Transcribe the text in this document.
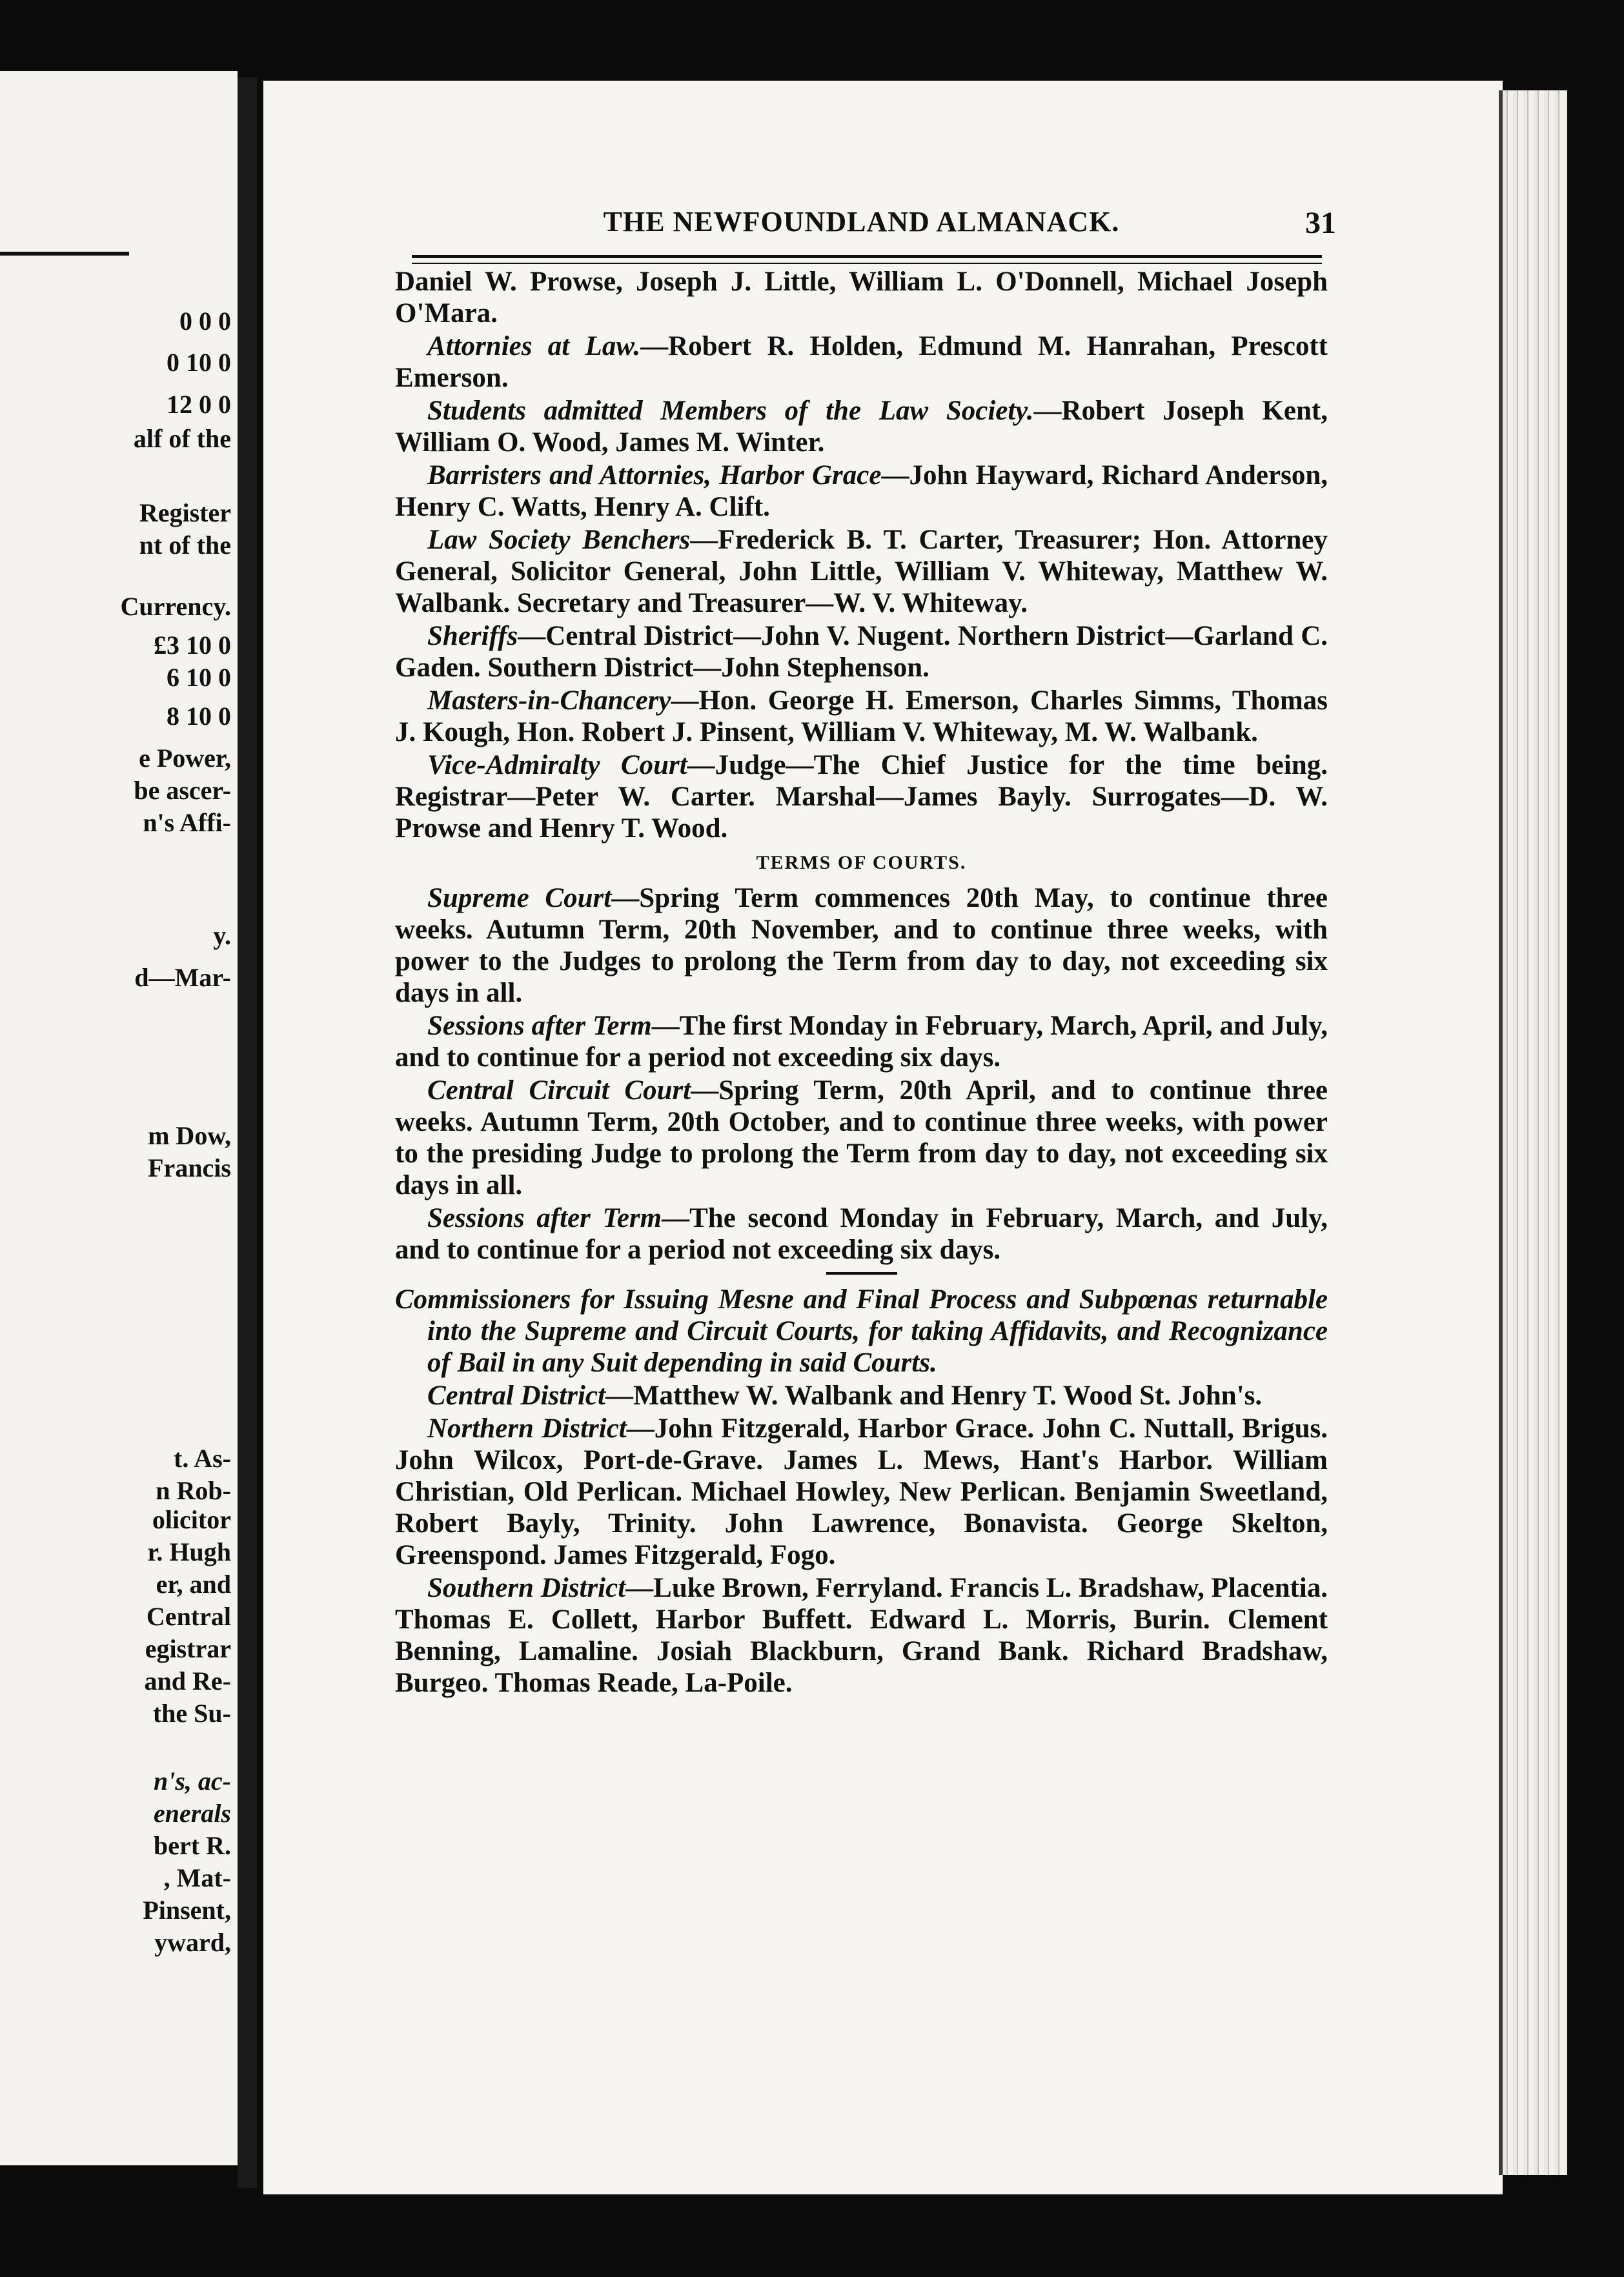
0 0 0
0 10 0
12 0 0
alf of the
Register
nt of the
Currency.
£3 10 0
6 10 0
8 10 0
e Power,
be ascer-
n's Affi-
y.
d—Mar-
m Dow,
Francis
t. As-
n Rob-
olicitor
r. Hugh
er, and
Central
egistrar
and Re-
the Su-
n's, ac-
enerals
bert R.
, Mat-
Pinsent,
yward,
THE NEWFOUNDLAND ALMANACK.	31

Daniel W. Prowse, Joseph J. Little, William L. O'Donnell, Michael Joseph O'Mara.

Attornies at Law.—Robert R. Holden, Edmund M. Hanrahan, Prescott Emerson.

Students admitted Members of the Law Society.—Robert Joseph Kent, William O. Wood, James M. Winter.

Barristers and Attornies, Harbor Grace—John Hayward, Richard Anderson, Henry C. Watts, Henry A. Clift.

Law Society Benchers—Frederick B. T. Carter, Treasurer; Hon. Attorney General, Solicitor General, John Little, William V. Whiteway, Matthew W. Walbank. Secretary and Treasurer—W. V. Whiteway.

Sheriffs—Central District—John V. Nugent. Northern District—Garland C. Gaden. Southern District—John Stephenson.

Masters-in-Chancery—Hon. George H. Emerson, Charles Simms, Thomas J. Kough, Hon. Robert J. Pinsent, William V. Whiteway, M. W. Walbank.

Vice-Admiralty Court—Judge—The Chief Justice for the time being. Registrar—Peter W. Carter. Marshal—James Bayly. Surrogates—D. W. Prowse and Henry T. Wood.

TERMS OF COURTS.

Supreme Court—Spring Term commences 20th May, to continue three weeks. Autumn Term, 20th November, and to continue three weeks, with power to the Judges to prolong the Term from day to day, not exceeding six days in all.

Sessions after Term—The first Monday in February, March, April, and July, and to continue for a period not exceeding six days.

Central Circuit Court—Spring Term, 20th April, and to continue three weeks. Autumn Term, 20th October, and to continue three weeks, with power to the presiding Judge to prolong the Term from day to day, not exceeding six days in all.

Sessions after Term—The second Monday in February, March, and July, and to continue for a period not exceeding six days.

Commissioners for Issuing Mesne and Final Process and Subpœnas returnable into the Supreme and Circuit Courts, for taking Affidavits, and Recognizance of Bail in any Suit depending in said Courts.

Central District—Matthew W. Walbank and Henry T. Wood St. John's.

Northern District—John Fitzgerald, Harbor Grace. John C. Nuttall, Brigus. John Wilcox, Port-de-Grave. James L. Mews, Hant's Harbor. William Christian, Old Perlican. Michael Howley, New Perlican. Benjamin Sweetland, Robert Bayly, Trinity. John Lawrence, Bonavista. George Skelton, Greenspond. James Fitzgerald, Fogo.

Southern District—Luke Brown, Ferryland. Francis L. Bradshaw, Placentia. Thomas E. Collett, Harbor Buffett. Edward L. Morris, Burin. Clement Benning, Lamaline. Josiah Blackburn, Grand Bank. Richard Bradshaw, Burgeo. Thomas Reade, La-Poile.
